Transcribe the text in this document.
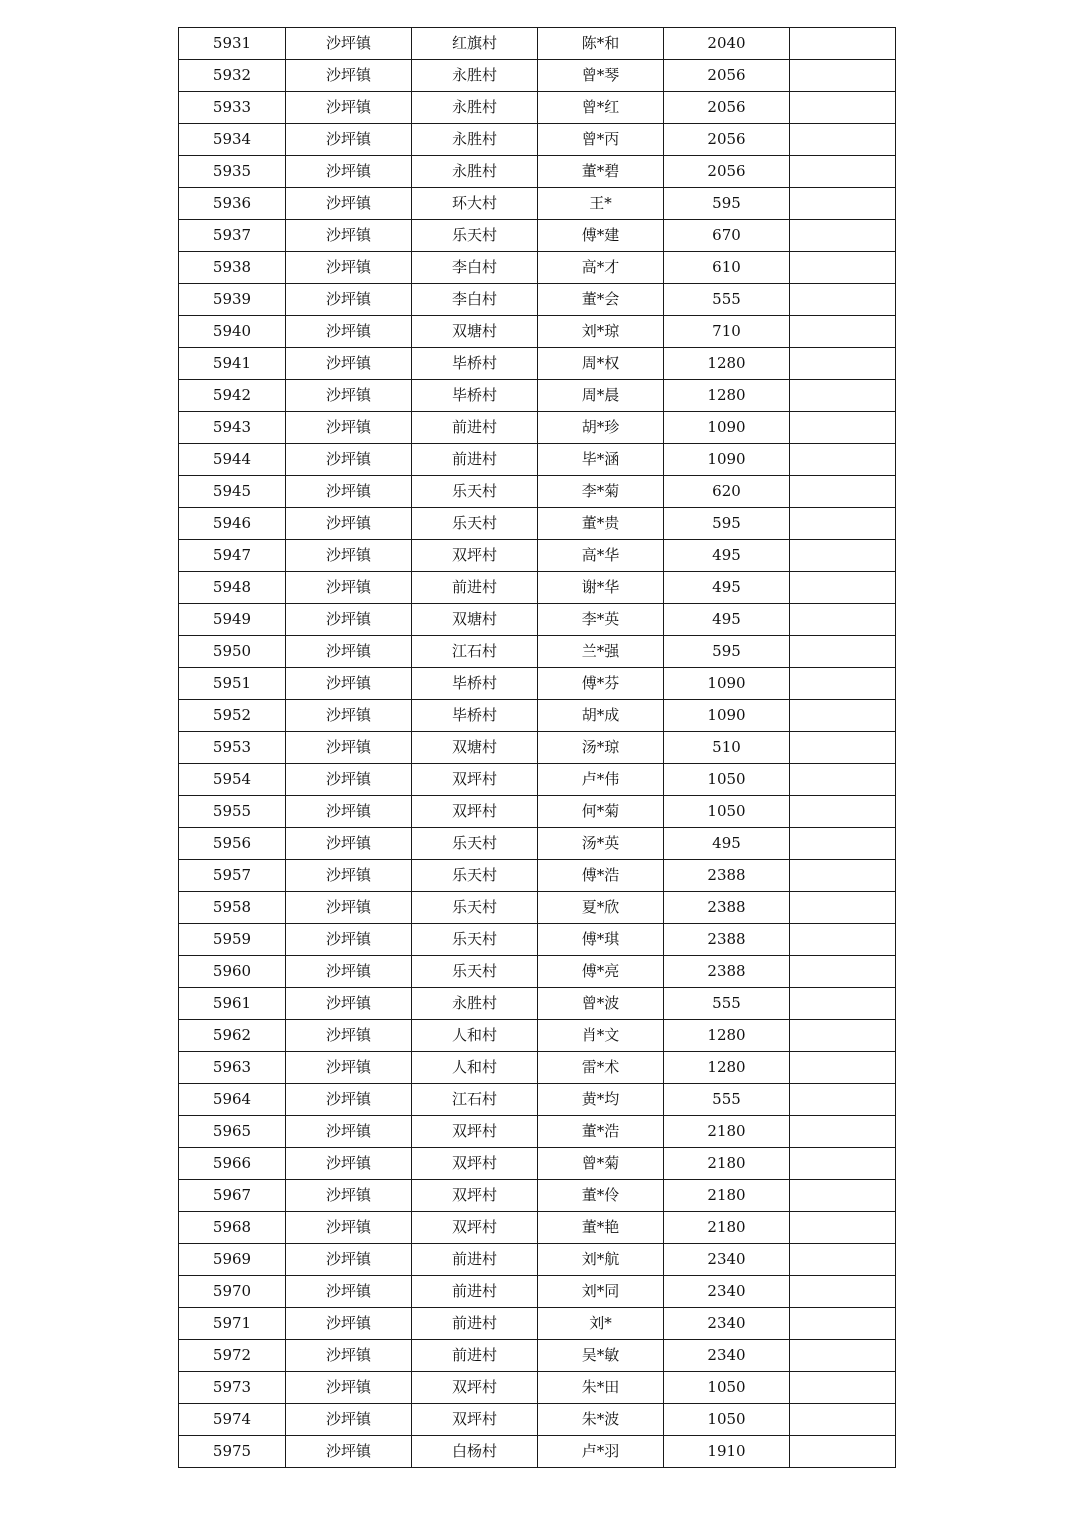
5931	沙坪镇	红旗村	陈*和	2040	
5932	沙坪镇	永胜村	曾*琴	2056	
5933	沙坪镇	永胜村	曾*红	2056	
5934	沙坪镇	永胜村	曾*丙	2056	
5935	沙坪镇	永胜村	董*碧	2056	
5936	沙坪镇	环大村	王*	595	
5937	沙坪镇	乐天村	傅*建	670	
5938	沙坪镇	李白村	高*才	610	
5939	沙坪镇	李白村	董*会	555	
5940	沙坪镇	双塘村	刘*琼	710	
5941	沙坪镇	毕桥村	周*权	1280	
5942	沙坪镇	毕桥村	周*晨	1280	
5943	沙坪镇	前进村	胡*珍	1090	
5944	沙坪镇	前进村	毕*涵	1090	
5945	沙坪镇	乐天村	李*菊	620	
5946	沙坪镇	乐天村	董*贵	595	
5947	沙坪镇	双坪村	高*华	495	
5948	沙坪镇	前进村	谢*华	495	
5949	沙坪镇	双塘村	李*英	495	
5950	沙坪镇	江石村	兰*强	595	
5951	沙坪镇	毕桥村	傅*芬	1090	
5952	沙坪镇	毕桥村	胡*成	1090	
5953	沙坪镇	双塘村	汤*琼	510	
5954	沙坪镇	双坪村	卢*伟	1050	
5955	沙坪镇	双坪村	何*菊	1050	
5956	沙坪镇	乐天村	汤*英	495	
5957	沙坪镇	乐天村	傅*浩	2388	
5958	沙坪镇	乐天村	夏*欣	2388	
5959	沙坪镇	乐天村	傅*琪	2388	
5960	沙坪镇	乐天村	傅*亮	2388	
5961	沙坪镇	永胜村	曾*波	555	
5962	沙坪镇	人和村	肖*文	1280	
5963	沙坪镇	人和村	雷*术	1280	
5964	沙坪镇	江石村	黄*均	555	
5965	沙坪镇	双坪村	董*浩	2180	
5966	沙坪镇	双坪村	曾*菊	2180	
5967	沙坪镇	双坪村	董*伶	2180	
5968	沙坪镇	双坪村	董*艳	2180	
5969	沙坪镇	前进村	刘*航	2340	
5970	沙坪镇	前进村	刘*同	2340	
5971	沙坪镇	前进村	刘*	2340	
5972	沙坪镇	前进村	吴*敏	2340	
5973	沙坪镇	双坪村	朱*田	1050	
5974	沙坪镇	双坪村	朱*波	1050	
5975	沙坪镇	白杨村	卢*羽	1910	
